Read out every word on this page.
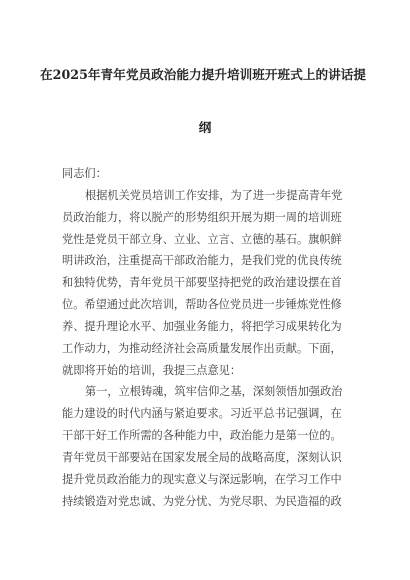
在2025年青年党员政治能力提升培训班开班式上的讲话提
纲
同志们：
根据机关党员培训工作安排，为了进一步提高青年党
员政治能力，将以脱产的形势组织开展为期一周的培训班
党性是党员干部立身、立业、立言、立德的基石。旗帜鲜
明讲政治，注重提高干部政治能力，是我们党的优良传统
和独特优势，青年党员干部要坚持把党的政治建设摆在首
位。希望通过此次培训，帮助各位党员进一步锤炼党性修
养、提升理论水平、加强业务能力，将把学习成果转化为
工作动力，为推动经济社会高质量发展作出贡献。下面，
就即将开始的培训，我提三点意见：
第一，立根铸魂，筑牢信仰之基，深刻领悟加强政治
能力建设的时代内涵与紧迫要求。习近平总书记强调，在
干部干好工作所需的各种能力中，政治能力是第一位的。
青年党员干部要站在国家发展全局的战略高度，深刻认识
提升党员政治能力的现实意义与深远影响，在学习工作中
持续锻造对党忠诚、为党分忧、为党尽职、为民造福的政
